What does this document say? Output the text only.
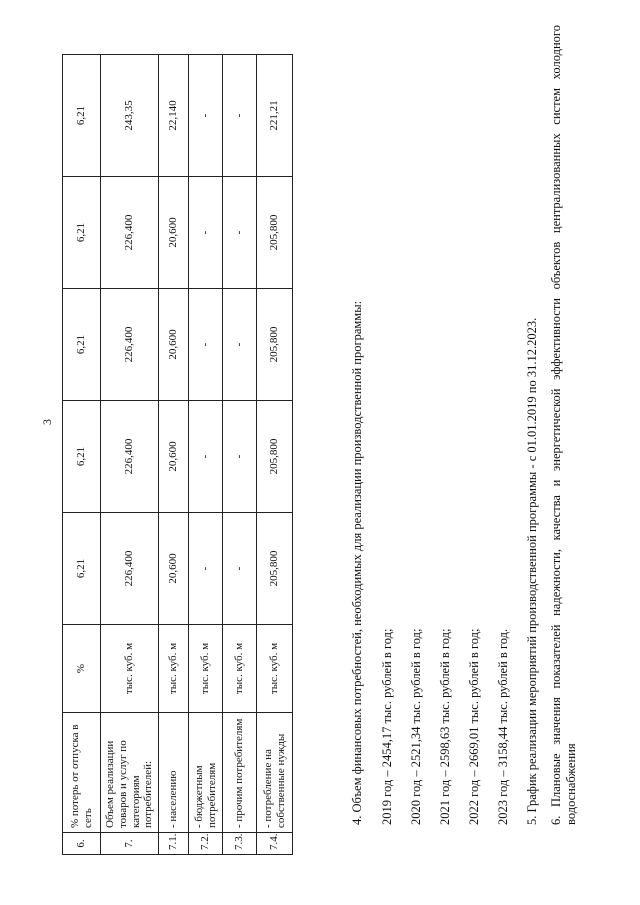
3
6.	% потерь от отпуска в сеть	%	6,21	6,21	6,21	6,21	6,21
7.	Объем реализации товаров и услуг по категориям потребителей:	тыс. куб. м	226,400	226,400	226,400	226,400	243,35
7.1.	- населению	тыс. куб. м	20,600	20,600	20,600	20,600	22,140
7.2.	- бюджетным потребителям	тыс. куб. м	-	-	-	-	-
7.3.	- прочим потребителям	тыс. куб. м	-	-	-	-	-
7.4.	- потребление на собственные нужды	тыс. куб. м	205,800	205,800	205,800	205,800	221,21
4. Объем финансовых потребностей, необходимых для реализации производственной программы: 2019 год – 2454,17 тыс. рублей в год; 2020 год – 2521,34 тыс. рублей в год; 2021 год – 2598,63 тыс. рублей в год; 2022 год – 2669,01 тыс. рублей в год; 2023 год – 3158,44 тыс. рублей в год. 5. График реализации мероприятий производственной программы - с 01.01.2019 по 31.12.2023. 6. Плановые значения показателей надежности, качества и энергетической эффективности объектов централизованных систем холодного водоснабжения
